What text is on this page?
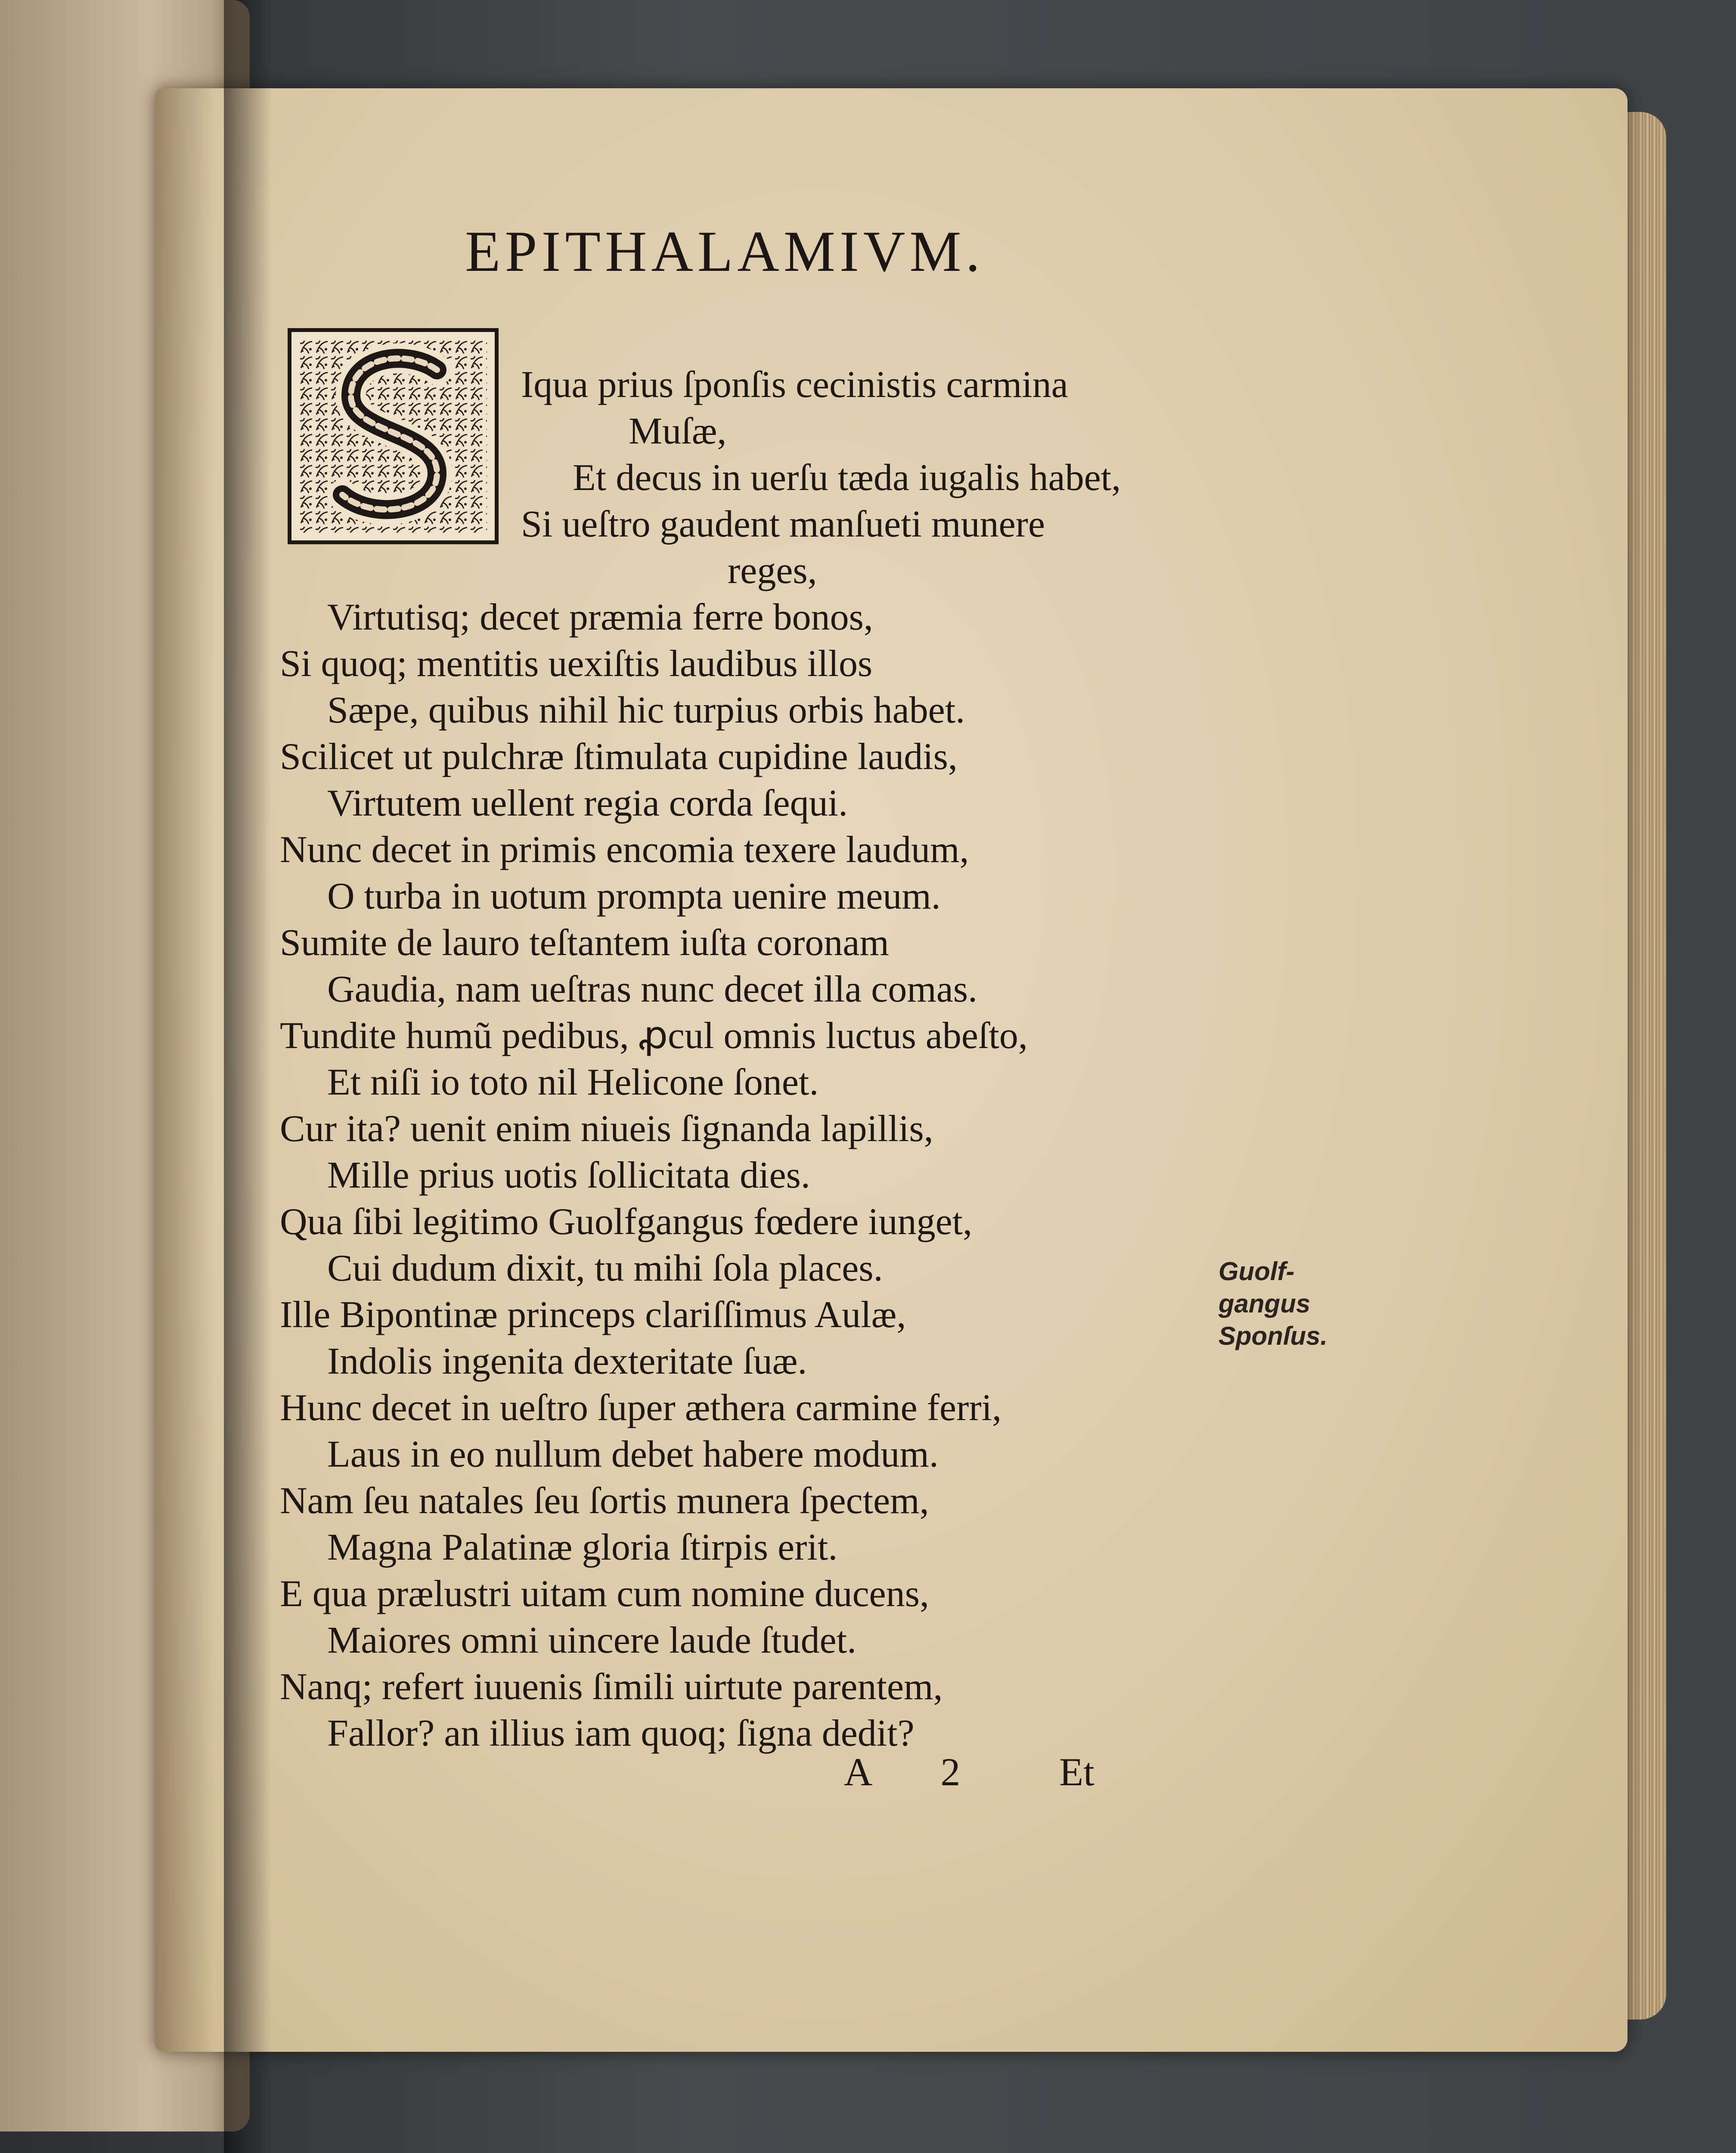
EPITHALAMIVM.
Iqua prius ſponſis cecinistis carmina
Muſæ,
Et decus in uerſu tæda iugalis habet,
Si ueſtro gaudent manſueti munere
reges,
Virtutisq; decet præmia ferre bonos,
Si quoq; mentitis uexiſtis laudibus illos
Sæpe, quibus nihil hic turpius orbis habet.
Scilicet ut pulchræ ſtimulata cupidine laudis,
Virtutem uellent regia corda ſequi.
Nunc decet in primis encomia texere laudum,
O turba in uotum prompta uenire meum.
Sumite de lauro teſtantem iuſta coronam
Gaudia, nam ueſtras nunc decet illa comas.
Tundite humũ pedibus, ꝓcul omnis luctus abeſto,
Et niſi io toto nil Helicone ſonet.
Cur ita? uenit enim niueis ſignanda lapillis,
Mille prius uotis ſollicitata dies.
Qua ſibi legitimo Guolfgangus fœdere iunget,
Cui dudum dixit, tu mihi ſola places.
Ille Bipontinæ princeps clariſſimus Aulæ,
Indolis ingenita dexteritate ſuæ.
Hunc decet in ueſtro ſuper æthera carmine ferri,
Laus in eo nullum debet habere modum.
Nam ſeu natales ſeu ſortis munera ſpectem,
Magna Palatinæ gloria ſtirpis erit.
E qua prælustri uitam cum nomine ducens,
Maiores omni uincere laude ſtudet.
Nanq; refert iuuenis ſimili uirtute parentem,
Fallor? an illius iam quoq; ſigna dedit?
A 2 Et
Guolf-
gangus
Sponſus.
